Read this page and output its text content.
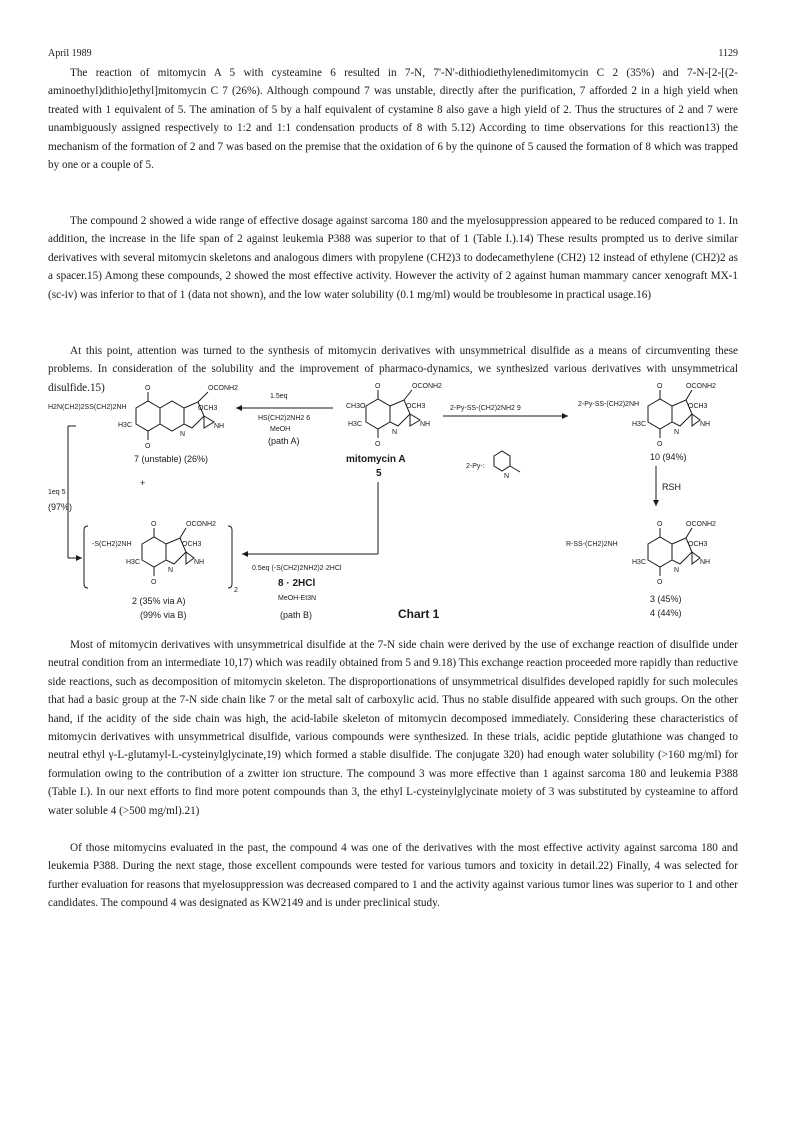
April 1989	1129

The reaction of mitomycin A 5 with cysteamine 6 resulted in 7-N, 7'-N'-dithiodiethylenedimitomycin C 2 (35%) and 7-N-[2-[(2-aminoethyl)dithio]ethyl]mitomycin C 7 (26%). Although compound 7 was unstable, directly after the purification, 7 afforded 2 in a high yield when treated with 1 equivalent of 5. The amination of 5 by a half equivalent of cystamine 8 also gave a high yield of 2. Thus the structures of 2 and 7 were unambiguously assigned respectively to 1:2 and 1:1 condensation products of 8 with 5.12) According to time observations for this reaction13) the mechanism of the formation of 2 and 7 was based on the premise that the oxidation of 6 by the quinone of 5 caused the formation of 8 which was trapped by one or a couple of 5.

The compound 2 showed a wide range of effective dosage against sarcoma 180 and the myelosuppression appeared to be reduced compared to 1. In addition, the increase in the life span of 2 against leukemia P388 was superior to that of 1 (Table I.).14) These results prompted us to derive similar derivatives with several mitomycin skeletons and analogous dimers with propylene (CH2)3 to dodecamethylene (CH2) 12 instead of ethylene (CH2)2 as a spacer.15) Among these compounds, 2 showed the most effective activity. However the activity of 2 against human mammary cancer xenograft MX-1 (sc-iv) was inferior to that of 1 (data not shown), and the low water solubility (0.1 mg/ml) would be troublesome in practical usage.16)

At this point, attention was turned to the synthesis of mitomycin derivatives with unsymmetrical disulfide as a means of circumventing these problems. In consideration of the solubility and the improvement of pharmaco-dynamics, we synthesized various derivatives with unsymmetrical disulfide.15)

H2N(CH2)2SS(CH2)2NH
O
O
OCONH2
OCH3
N
NH
H3C
7 (unstable) (26%)
1.5eq
HS(CH2)2NH2 6
MeOH
(path A)
CH3O
O
O
OCONH2
OCH3
N
NH
H3C
mitomycin A
5
2-Py-SS-(CH2)2NH2 9
2-Py-:
N
2-Py-SS-(CH2)2NH
O
O
OCONH2
OCH3
N
NH
H3C
10 (94%)
RSH
R-SS-(CH2)2NH
O
O
OCONH2
OCH3
N
NH
H3C
3 (45%)
4 (44%)
1eq 5
(97%)
+
-S(CH2)2NH
O
O
OCONH2
OCH3
N
NH
H3C
2
2 (35% via A)
(99% via B)
0.5eq (-S(CH2)2NH2)2·2HCl
8 · 2HCl
MeOH-Et3N
(path B)	Chart 1

Most of mitomycin derivatives with unsymmetrical disulfide at the 7-N side chain were derived by the use of exchange reaction of disulfide under neutral condition from an intermediate 10,17) which was readily obtained from 5 and 9.18) This exchange reaction proceeded more rapidly than reductive side reactions, such as decomposition of mitomycin skeleton. The disproportionations of unsymmetrical disulfides developed rapidly for such molecules that had a basic group at the 7-N side chain like 7 or the metal salt of carboxylic acid. Thus no stable disulfide appeared with such groups. On the other hand, if the acidity of the side chain was high, the acid-labile skeleton of mitomycin decomposed immediately. Considering these characteristics of mitomycin derivatives with unsymmetrical disulfide, various compounds were synthesized. In these trials, acidic peptide glutathione was changed to neutral ethyl γ-L-glutamyl-L-cysteinylglycinate,19) which formed a stable disulfide. The conjugate 320) had enough water solubility (>160 mg/ml) for formulation owing to the contribution of a zwitter ion structure. The compound 3 was more effective than 1 against sarcoma 180 and leukemia P388 (Table I.). In our next efforts to find more potent compounds than 3, the ethyl L-cysteinylglycinate moiety of 3 was substituted by cysteamine to afford water soluble 4 (>500 mg/ml).21)

Of those mitomycins evaluated in the past, the compound 4 was one of the derivatives with the most effective activity against sarcoma 180 and leukemia P388. During the next stage, those excellent compounds were tested for various tumors and toxicity in detail.22) Finally, 4 was selected for further evaluation for reasons that myelosuppression was decreased compared to 1 and the activity against various tumor lines was superior to 1 and other candidates. The compound 4 was designated as KW2149 and is under preclinical study.
